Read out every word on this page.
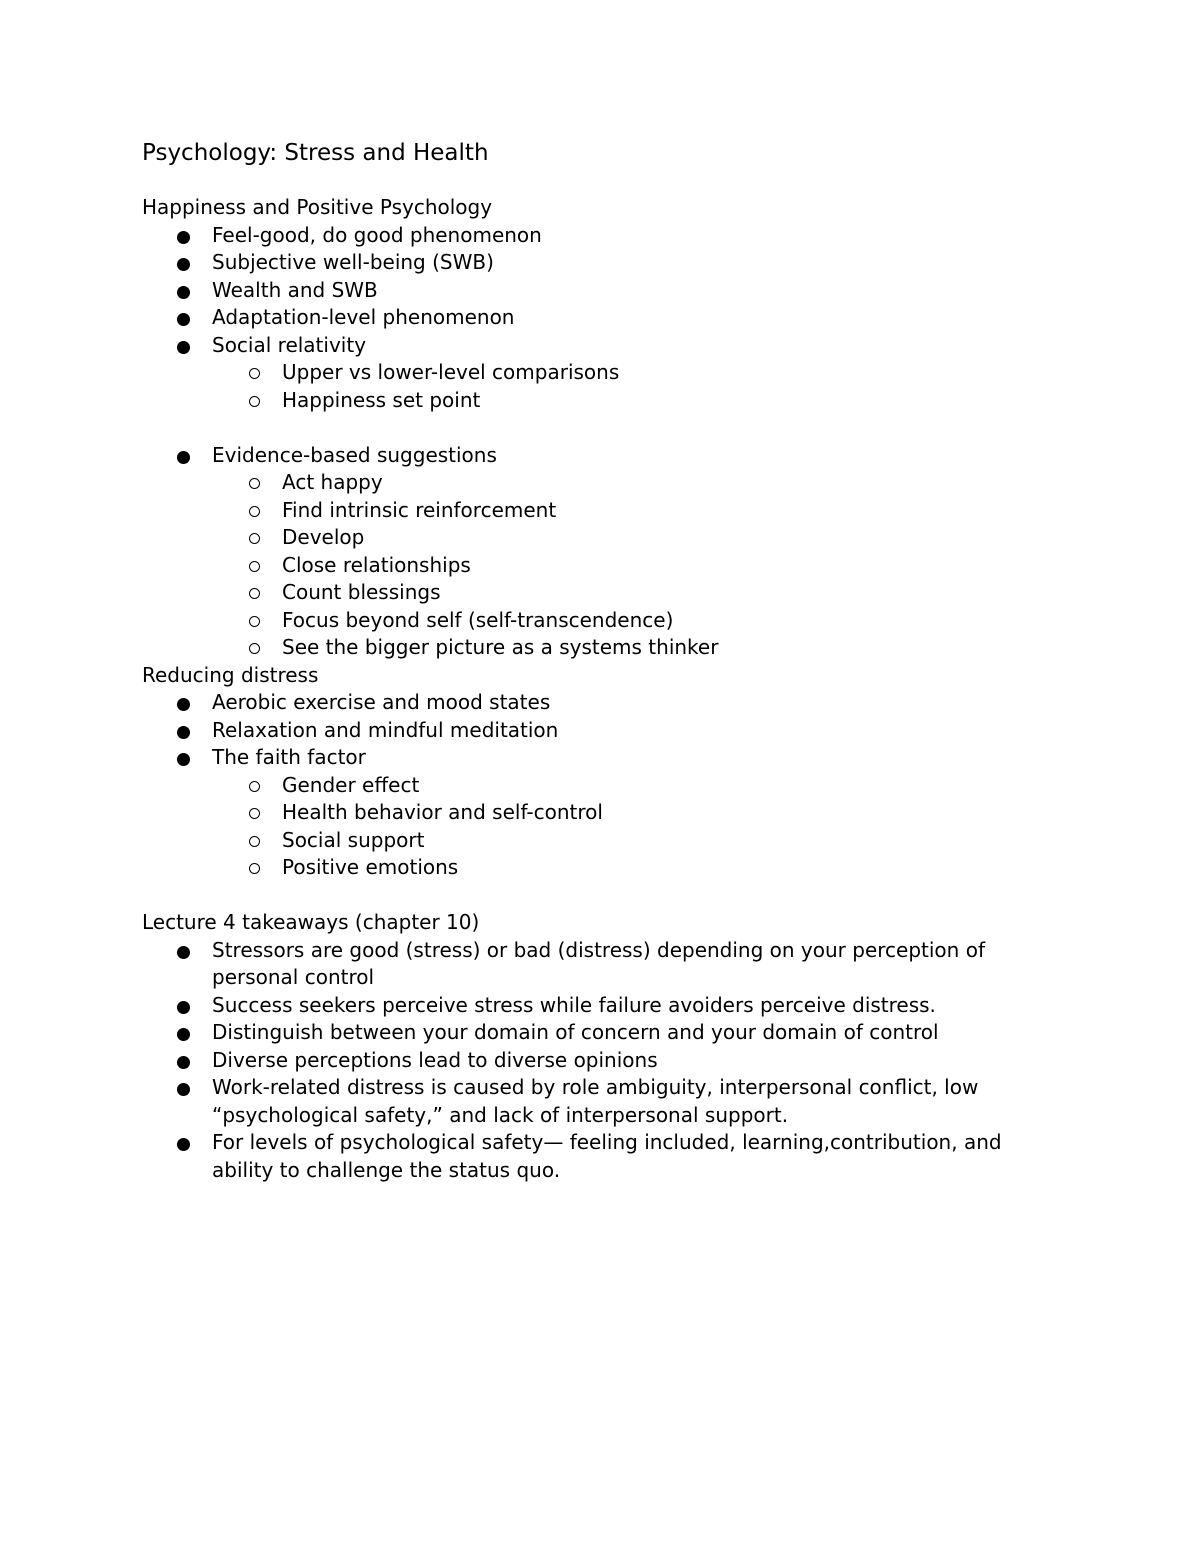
Psychology: Stress and Health

Happiness and Positive Psychology

Feel-good, do good phenomenon
Subjective well-being (SWB)
Wealth and SWB
Adaptation-level phenomenon
Social relativity
Upper vs lower-level comparisons
Happiness set point
Evidence-based suggestions
Act happy
Find intrinsic reinforcement
Develop
Close relationships
Count blessings
Focus beyond self (self-transcendence)
See the bigger picture as a systems thinker

Reducing distress

Aerobic exercise and mood states
Relaxation and mindful meditation
The faith factor
Gender effect
Health behavior and self-control
Social support
Positive emotions

Lecture 4 takeaways (chapter 10)

Stressors are good (stress) or bad (distress) depending on your perception of personal control
Success seekers perceive stress while failure avoiders perceive distress.
Distinguish between your domain of concern and your domain of control
Diverse perceptions lead to diverse opinions
Work-related distress is caused by role ambiguity, interpersonal conflict, low “psychological safety,” and lack of interpersonal support.
For levels of psychological safety— feeling included, learning,contribution, and ability to challenge the status quo.
